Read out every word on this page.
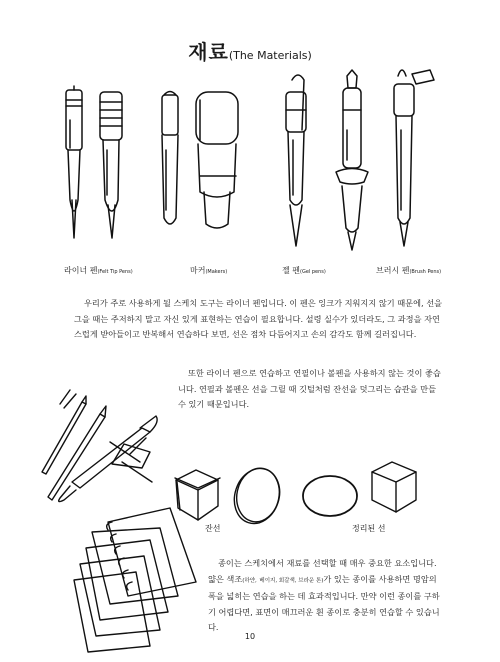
재료(The Materials)
라이너 펜(Felt Tip Pens)	마커(Makers)	젤 펜(Gel pens)	브러시 펜(Brush Pens)

우리가 주로 사용하게 될 스케치 도구는 라이너 펜입니다. 이 펜은 잉크가 지워지지 않기 때문에, 선을 그을 때는 주저하지 말고 자신 있게 표현하는 연습이 필요합니다. 설령 실수가 있더라도, 그 과정을 자연스럽게 받아들이고 반복해서 연습하다 보면, 선은 점차 다듬어지고 손의 감각도 함께 길러집니다.

또한 라이너 펜으로 연습하고 연필이나 볼펜을 사용하지 않는 것이 좋습니다. 연필과 볼펜은 선을 그릴 때 깃털처럼 잔선을 덧그리는 습관을 만들 수 있기 때문입니다.

잔선	정리된 선

종이는 스케치에서 재료를 선택할 때 매우 중요한 요소입니다. 얇은 색조(하얀, 베이지, 회갈색, 브라운 톤)가 있는 종이를 사용하면 명암의 폭을 넓히는 연습을 하는 데 효과적입니다. 만약 이런 종이를 구하기 어렵다면, 표면이 매끄러운 흰 종이로 충분히 연습할 수 있습니다.

10
